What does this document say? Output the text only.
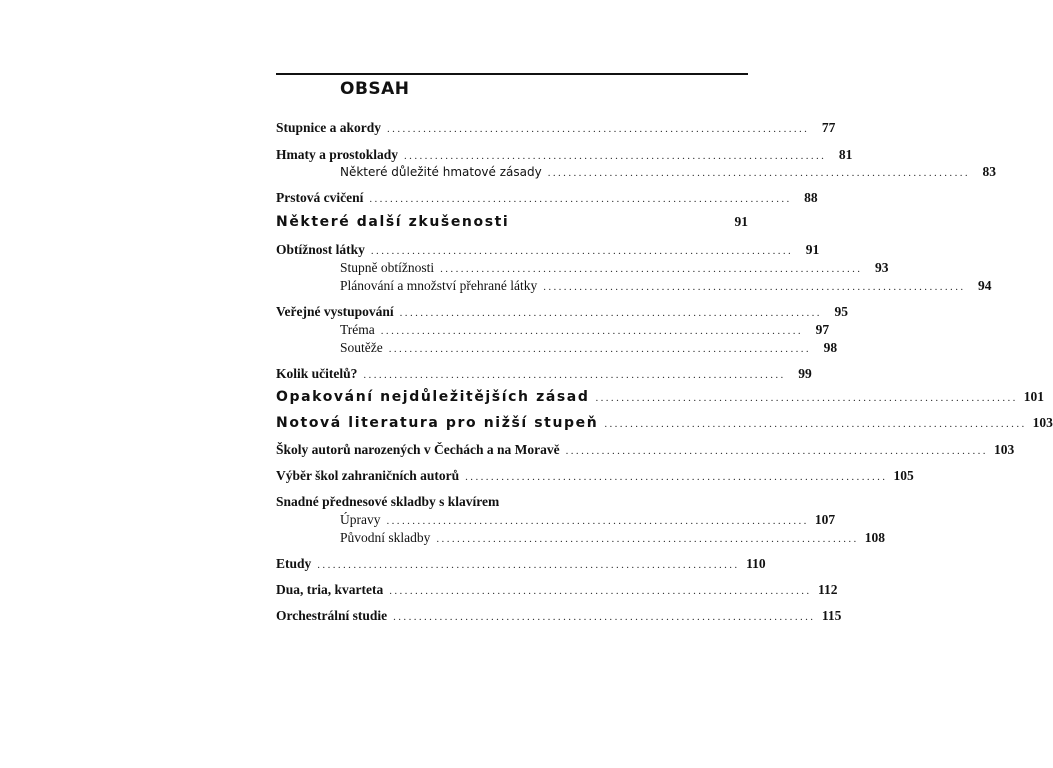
OBSAH
Stupnice a akordy .................................................................................. 77
Hmaty a prostoklady .................................................................................. 81
Některé důležité hmatové zásady .................................................................................. 83
Prstová cvičení .................................................................................. 88
Některé další zkušenosti	91
Obtížnost látky .................................................................................. 91
Stupně obtížnosti .................................................................................. 93
Plánování a množství přehrané látky .................................................................................. 94
Veřejné vystupování .................................................................................. 95
Tréma .................................................................................. 97
Soutěže .................................................................................. 98
Kolik učitelů? .................................................................................. 99
Opakování nejdůležitějších zásad .................................................................................. 101
Notová literatura pro nižší stupeň .................................................................................. 103
Školy autorů narozených v Čechách a na Moravě .................................................................................. 103
Výběr škol zahraničních autorů .................................................................................. 105
Snadné přednesové skladby s klavírem
Úpravy .................................................................................. 107
Původní skladby .................................................................................. 108
Etudy .................................................................................. 110
Dua, tria, kvarteta .................................................................................. 112
Orchestrální studie .................................................................................. 115
